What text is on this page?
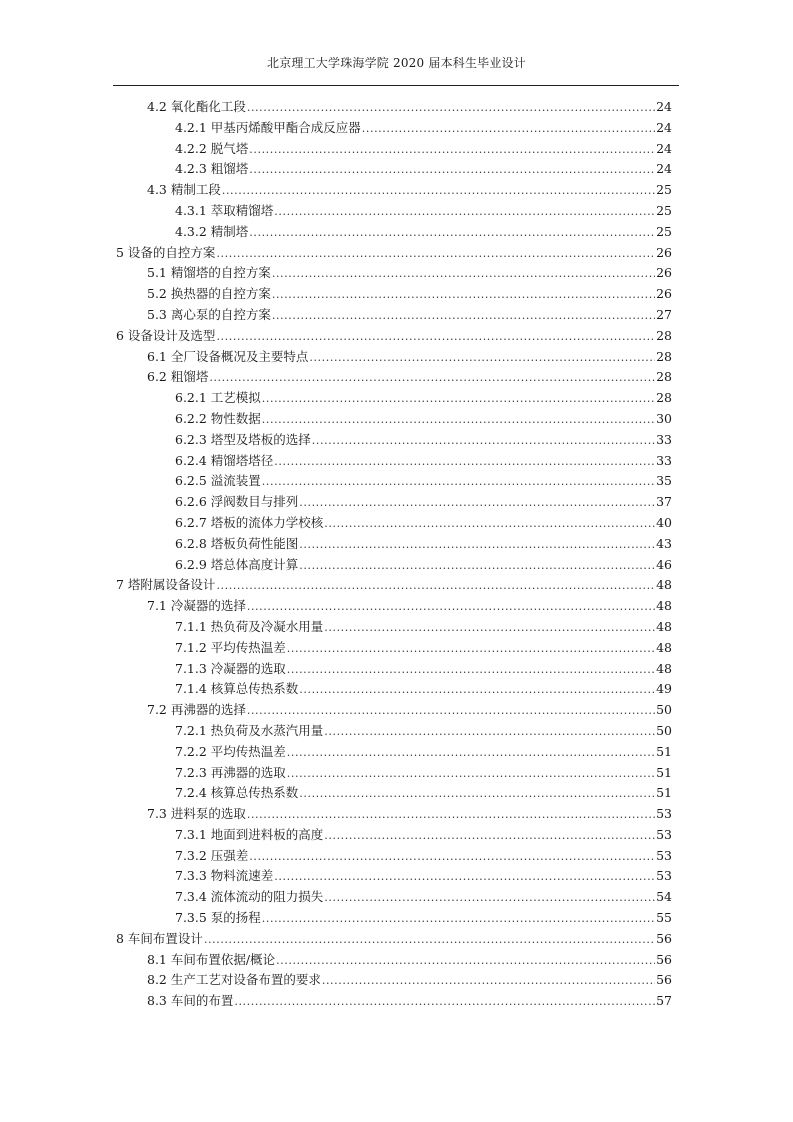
北京理工大学珠海学院 2020 届本科生毕业设计
4.2 氧化酯化工段 .....	24
4.2.1 甲基丙烯酸甲酯合成反应器 .....	24
4.2.2 脱气塔 .....	24
4.2.3 粗馏塔 .....	24
4.3 精制工段 .....	25
4.3.1 萃取精馏塔 .....	25
4.3.2 精制塔 .....	25
5 设备的自控方案 .....	26
5.1 精馏塔的自控方案 .....	26
5.2 换热器的自控方案 .....	26
5.3 离心泵的自控方案 .....	27
6 设备设计及选型 .....	28
6.1 全厂设备概况及主要特点 .....	28
6.2 粗馏塔 .....	28
6.2.1 工艺模拟 .....	28
6.2.2 物性数据 .....	30
6.2.3 塔型及塔板的选择 .....	33
6.2.4 精馏塔塔径 .....	33
6.2.5 溢流装置 .....	35
6.2.6 浮阀数目与排列 .....	37
6.2.7 塔板的流体力学校核 .....	40
6.2.8 塔板负荷性能图 .....	43
6.2.9 塔总体高度计算 .....	46
7 塔附属设备设计 .....	48
7.1 冷凝器的选择 .....	48
7.1.1 热负荷及冷凝水用量 .....	48
7.1.2 平均传热温差 .....	48
7.1.3 冷凝器的选取 .....	48
7.1.4 核算总传热系数 .....	49
7.2 再沸器的选择 .....	50
7.2.1 热负荷及水蒸汽用量 .....	50
7.2.2 平均传热温差 .....	51
7.2.3 再沸器的选取 .....	51
7.2.4 核算总传热系数 .....	51
7.3 进料泵的选取 .....	53
7.3.1 地面到进料板的高度 .....	53
7.3.2 压强差 .....	53
7.3.3 物料流速差 .....	53
7.3.4 流体流动的阻力损失 .....	54
7.3.5 泵的扬程 .....	55
8 车间布置设计 .....	56
8.1 车间布置依据/概论 .....	56
8.2 生产工艺对设备布置的要求 .....	56
8.3 车间的布置 .....	57
